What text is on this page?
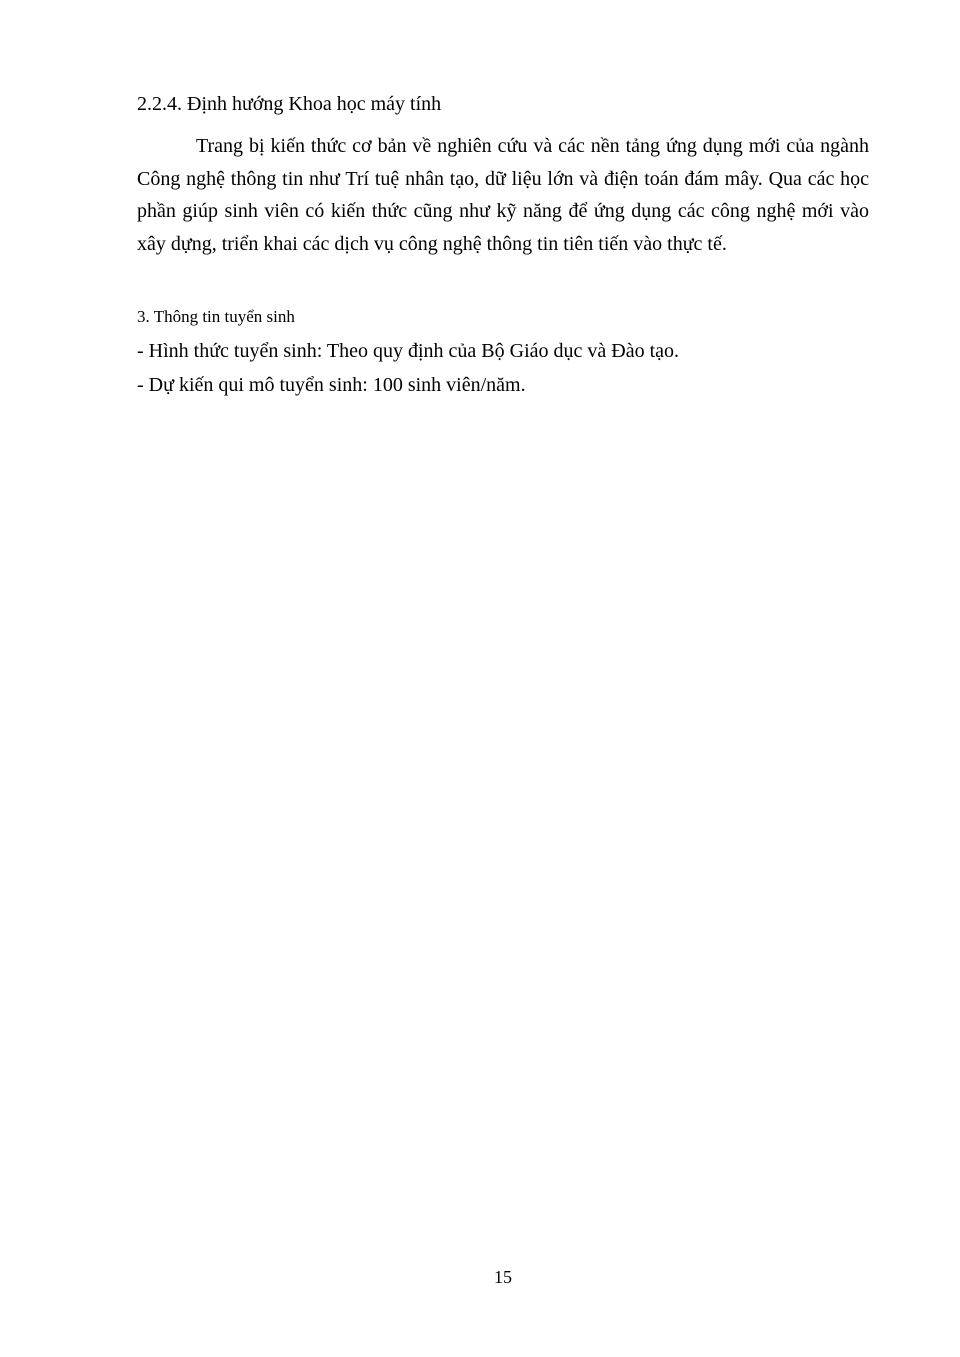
2.2.4. Định hướng Khoa học máy tính
Trang bị kiến thức cơ bản về nghiên cứu và các nền tảng ứng dụng mới của ngành Công nghệ thông tin như Trí tuệ nhân tạo, dữ liệu lớn và điện toán đám mây. Qua các học phần giúp sinh viên có kiến thức cũng như kỹ năng để ứng dụng các công nghệ mới vào xây dựng, triển khai các dịch vụ công nghệ thông tin tiên tiến vào thực tế.
3. Thông tin tuyển sinh
- Hình thức tuyển sinh: Theo quy định của Bộ Giáo dục và Đào tạo.
- Dự kiến qui mô tuyển sinh: 100 sinh viên/năm.
15
